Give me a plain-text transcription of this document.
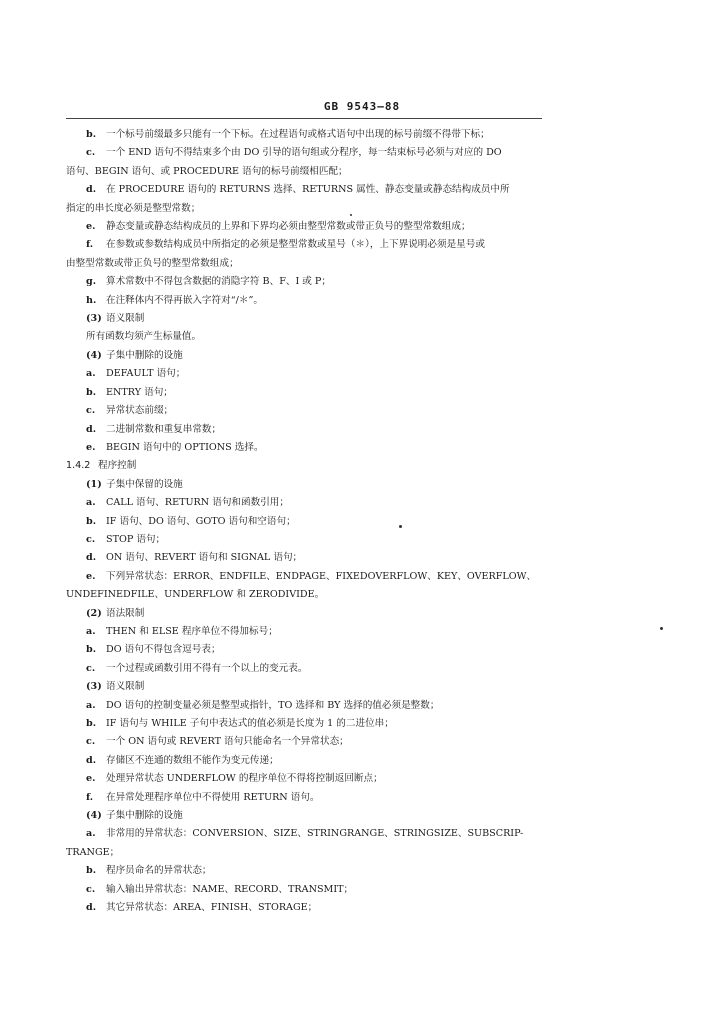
GB 9543—88
b. 一个标号前缀最多只能有一个下标。在过程语句或格式语句中出现的标号前缀不得带下标；
c. 一个 END 语句不得结束多个由 DO 引导的语句组或分程序，每一结束标号必须与对应的 DO
语句、BEGIN 语句、或 PROCEDURE 语句的标号前缀相匹配；
d. 在 PROCEDURE 语句的 RETURNS 选择、RETURNS 属性、静态变量或静态结构成员中所
指定的串长度必须是整型常数；
e. 静态变量或静态结构成员的上界和下界均必须由整型常数或带正负号的整型常数组成；
f. 在参数或参数结构成员中所指定的必须是整型常数或星号（＊），上下界说明必须是星号或
由整型常数或带正负号的整型常数组成；
g. 算术常数中不得包含数据的消隐字符 B、F、I 或 P；
h. 在注释体内不得再嵌入字符对“/＊”。
(3) 语义限制
所有函数均须产生标量值。
(4) 子集中删除的设施
a. DEFAULT 语句；
b. ENTRY 语句；
c. 异常状态前缀；
d. 二进制常数和重复串常数；
e. BEGIN 语句中的 OPTIONS 选择。
1.4.2 程序控制
(1) 子集中保留的设施
a. CALL 语句、RETURN 语句和函数引用；
b. IF 语句、DO 语句、GOTO 语句和空语句；
c. STOP 语句；
d. ON 语句、REVERT 语句和 SIGNAL 语句；
e. 下列异常状态：ERROR、ENDFILE、ENDPAGE、FIXEDOVERFLOW、KEY、OVERFLOW、
UNDEFINEDFILE、UNDERFLOW 和 ZERODIVIDE。
(2) 语法限制
a. THEN 和 ELSE 程序单位不得加标号；
b. DO 语句不得包含逗号表；
c. 一个过程或函数引用不得有一个以上的变元表。
(3) 语义限制
a. DO 语句的控制变量必须是整型或指针，TO 选择和 BY 选择的值必须是整数；
b. IF 语句与 WHILE 子句中表达式的值必须是长度为 1 的二进位串；
c. 一个 ON 语句或 REVERT 语句只能命名一个异常状态；
d. 存储区不连通的数组不能作为变元传递；
e. 处理异常状态 UNDERFLOW 的程序单位不得将控制返回断点；
f. 在异常处理程序单位中不得使用 RETURN 语句。
(4) 子集中删除的设施
a. 非常用的异常状态：CONVERSION、SIZE、STRINGRANGE、STRINGSIZE、SUBSCRIP-
TRANGE；
b. 程序员命名的异常状态；
c. 输入输出异常状态：NAME、RECORD、TRANSMIT；
d. 其它异常状态：AREA、FINISH、STORAGE；
